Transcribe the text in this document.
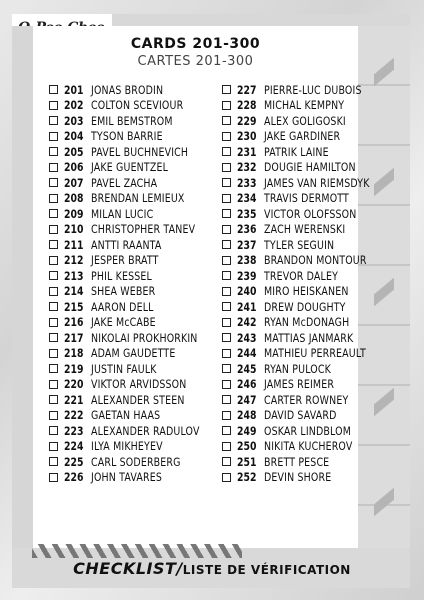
CARDS 201-300
CARTES 201-300
201 JONAS BRODIN
202 COLTON SCEVIOUR
203 EMIL BEMSTROM
204 TYSON BARRIE
205 PAVEL BUCHNEVICH
206 JAKE GUENTZEL
207 PAVEL ZACHA
208 BRENDAN LEMIEUX
209 MILAN LUCIC
210 CHRISTOPHER TANEV
211 ANTTI RAANTA
212 JESPER BRATT
213 PHIL KESSEL
214 SHEA WEBER
215 AARON DELL
216 JAKE McCABE
217 NIKOLAI PROKHORKIN
218 ADAM GAUDETTE
219 JUSTIN FAULK
220 VIKTOR ARVIDSSON
221 ALEXANDER STEEN
222 GAETAN HAAS
223 ALEXANDER RADULOV
224 ILYA MIKHEYEV
225 CARL SODERBERG
226 JOHN TAVARES
227 PIERRE-LUC DUBOIS
228 MICHAL KEMPNY
229 ALEX GOLIGOSKI
230 JAKE GARDINER
231 PATRIK LAINE
232 DOUGIE HAMILTON
233 JAMES VAN RIEMSDYK
234 TRAVIS DERMOTT
235 VICTOR OLOFSSON
236 ZACH WERENSKI
237 TYLER SEGUIN
238 BRANDON MONTOUR
239 TREVOR DALEY
240 MIRO HEISKANEN
241 DREW DOUGHTY
242 RYAN McDONAGH
243 MATTIAS JANMARK
244 MATHIEU PERREAULT
245 RYAN PULOCK
246 JAMES REIMER
247 CARTER ROWNEY
248 DAVID SAVARD
249 OSKAR LINDBLOM
250 NIKITA KUCHEROV
251 BRETT PESCE
252 DEVIN SHORE
CHECKLIST/LISTE DE VÉRIFICATION
